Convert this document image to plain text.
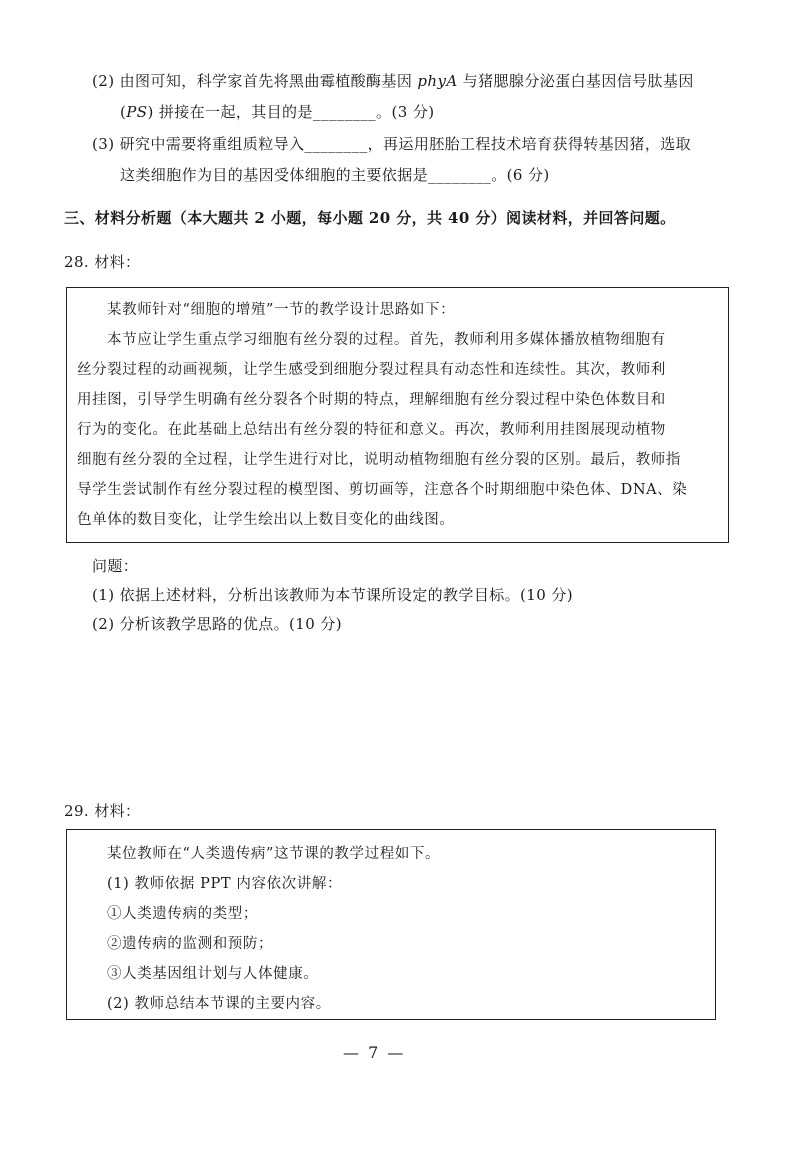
(2) 由图可知，科学家首先将黑曲霉植酸酶基因 phyA 与猪腮腺分泌蛋白基因信号肽基因
(PS) 拼接在一起，其目的是________。(3 分)
(3) 研究中需要将重组质粒导入________，再运用胚胎工程技术培育获得转基因猪，选取
这类细胞作为目的基因受体细胞的主要依据是________。(6 分)
三、材料分析题（本大题共 2 小题，每小题 20 分，共 40 分）阅读材料，并回答问题。
28. 材料：
某教师针对“细胞的增殖”一节的教学设计思路如下：
本节应让学生重点学习细胞有丝分裂的过程。首先，教师利用多媒体播放植物细胞有
丝分裂过程的动画视频，让学生感受到细胞分裂过程具有动态性和连续性。其次，教师利
用挂图，引导学生明确有丝分裂各个时期的特点，理解细胞有丝分裂过程中染色体数目和
行为的变化。在此基础上总结出有丝分裂的特征和意义。再次，教师利用挂图展现动植物
细胞有丝分裂的全过程，让学生进行对比，说明动植物细胞有丝分裂的区别。最后，教师指
导学生尝试制作有丝分裂过程的模型图、剪切画等，注意各个时期细胞中染色体、DNA、染
色单体的数目变化，让学生绘出以上数目变化的曲线图。
问题：
(1) 依据上述材料，分析出该教师为本节课所设定的教学目标。(10 分)
(2) 分析该教学思路的优点。(10 分)
29. 材料：
某位教师在“人类遗传病”这节课的教学过程如下。
(1) 教师依据 PPT 内容依次讲解：
①人类遗传病的类型；
②遗传病的监测和预防；
③人类基因组计划与人体健康。
(2) 教师总结本节课的主要内容。
— 7 —
